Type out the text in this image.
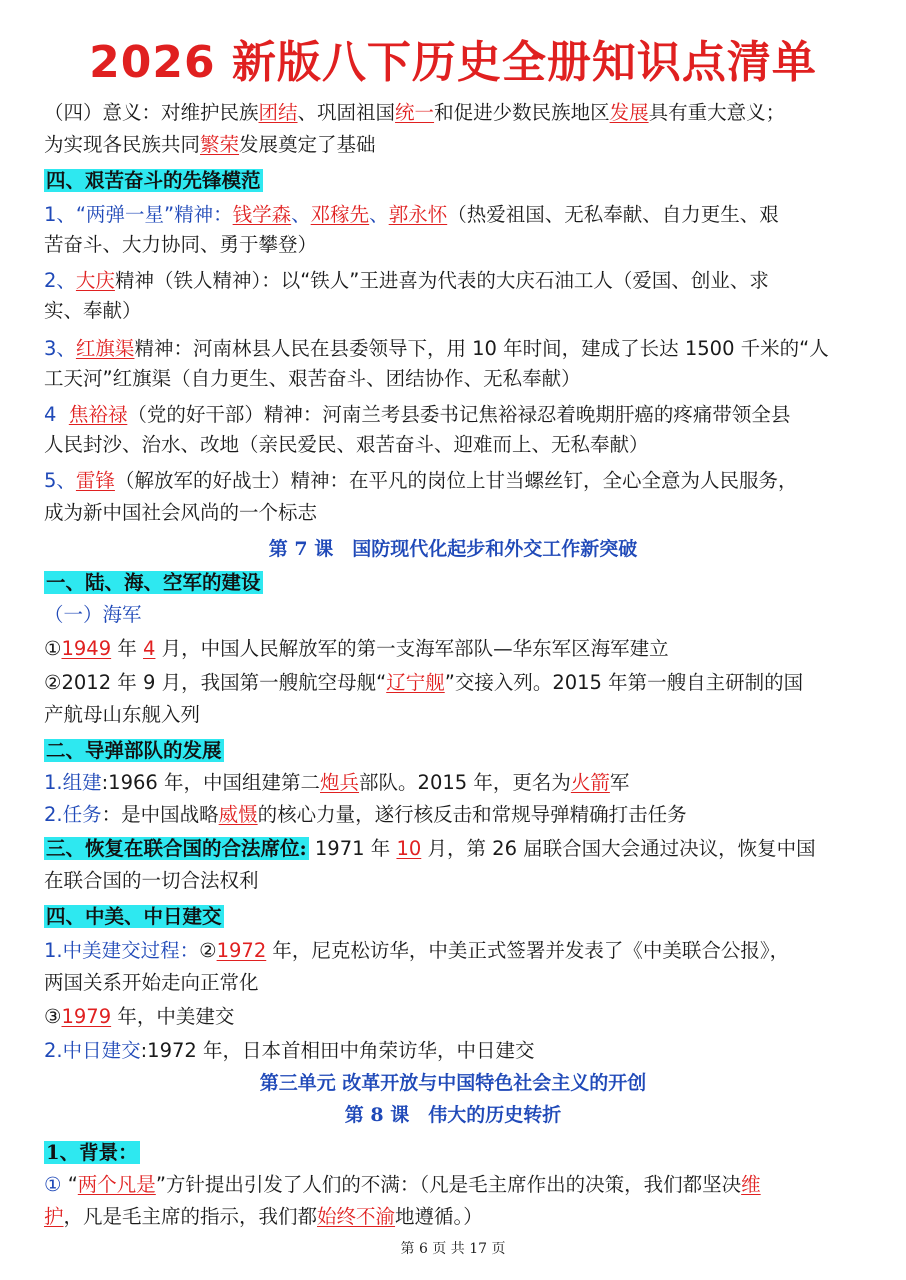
2026 新版八下历史全册知识点清单
（四）意义：对维护民族团结、巩固祖国统一和促进少数民族地区发展具有重大意义；
为实现各民族共同繁荣发展奠定了基础
四、艰苦奋斗的先锋模范
1、“两弹一星”精神：钱学森、邓稼先、郭永怀（热爱祖国、无私奉献、自力更生、艰
苦奋斗、大力协同、勇于攀登）
2、大庆精神（铁人精神）：以“铁人”王进喜为代表的大庆石油工人（爱国、创业、求
实、奉献）
3、红旗渠精神：河南林县人民在县委领导下，用 10 年时间，建成了长达 1500 千米的“人
工天河”红旗渠（自力更生、艰苦奋斗、团结协作、无私奉献）
4  焦裕禄（党的好干部）精神：河南兰考县委书记焦裕禄忍着晚期肝癌的疼痛带领全县
人民封沙、治水、改地（亲民爱民、艰苦奋斗、迎难而上、无私奉献）
5、雷锋（解放军的好战士）精神：在平凡的岗位上甘当螺丝钉，全心全意为人民服务，
成为新中国社会风尚的一个标志
第 7 课　国防现代化起步和外交工作新突破
一、陆、海、空军的建设
（一）海军
①1949 年 4 月，中国人民解放军的第一支海军部队—华东军区海军建立
②2012 年 9 月，我国第一艘航空母舰“辽宁舰”交接入列。2015 年第一艘自主研制的国
产航母山东舰入列
二、导弹部队的发展
1.组建:1966 年，中国组建第二炮兵部队。2015 年，更名为火箭军
2.任务：是中国战略威慑的核心力量，遂行核反击和常规导弹精确打击任务
三、恢复在联合国的合法席位: 1971 年 10 月，第 26 届联合国大会通过决议，恢复中国
在联合国的一切合法权利
四、中美、中日建交
1.中美建交过程：②1972 年，尼克松访华，中美正式签署并发表了《中美联合公报》，
两国关系开始走向正常化
③1979 年，中美建交
2.中日建交:1972 年，日本首相田中角荣访华，中日建交
第三单元 改革开放与中国特色社会主义的开创
第 8 课　伟大的历史转折
1、背景：
① “两个凡是”方针提出引发了人们的不满：（凡是毛主席作出的决策，我们都坚决维
护，凡是毛主席的指示，我们都始终不渝地遵循。）
第 6 页 共 17 页
